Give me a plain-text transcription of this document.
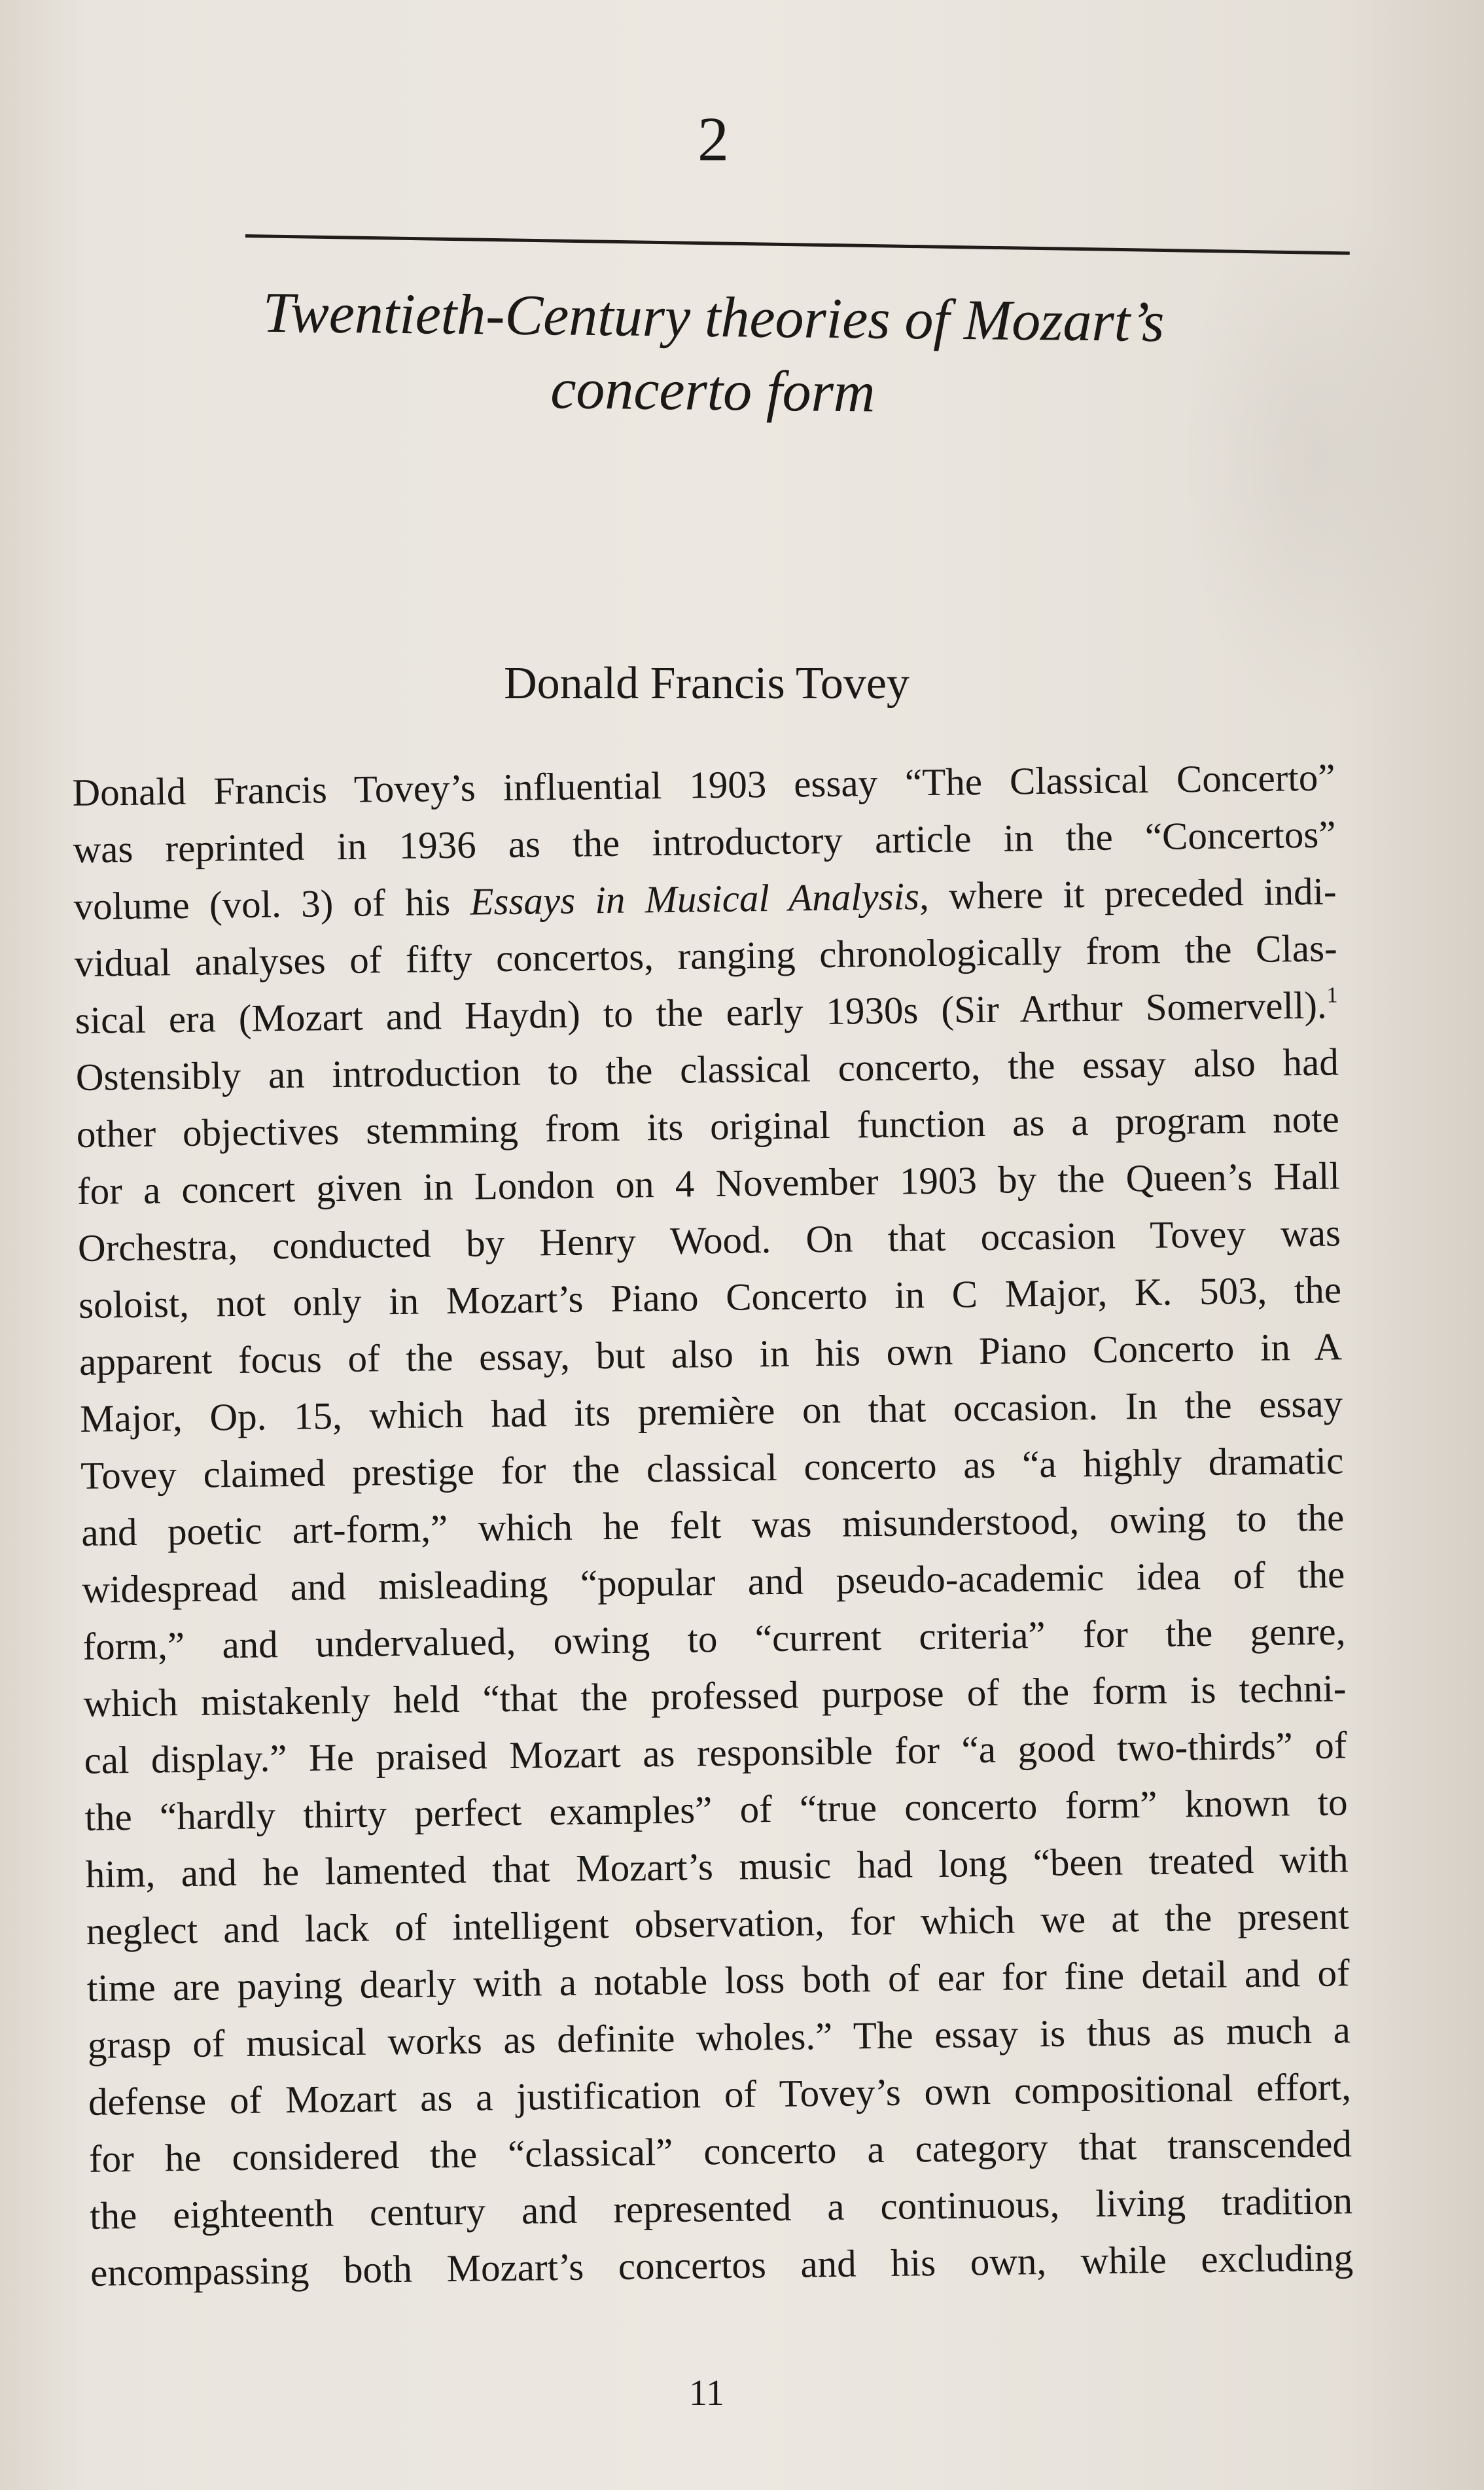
2
Twentieth-Century theories of Mozart’s
concerto form
Donald Francis Tovey
Donald Francis Tovey’s influential 1903 essay “The Classical Concerto”
was reprinted in 1936 as the introductory article in the “Concertos”
volume (vol. 3) of his Essays in Musical Analysis, where it preceded indi-
vidual analyses of fifty concertos, ranging chronologically from the Clas-
sical era (Mozart and Haydn) to the early 1930s (Sir Arthur Somervell).$^1$
Ostensibly an introduction to the classical concerto, the essay also had
other objectives stemming from its original function as a program note
for a concert given in London on 4 November 1903 by the Queen’s Hall
Orchestra, conducted by Henry Wood. On that occasion Tovey was
soloist, not only in Mozart’s Piano Concerto in C Major, K. 503, the
apparent focus of the essay, but also in his own Piano Concerto in A
Major, Op. 15, which had its première on that occasion. In the essay
Tovey claimed prestige for the classical concerto as “a highly dramatic
and poetic art-form,” which he felt was misunderstood, owing to the
widespread and misleading “popular and pseudo-academic idea of the
form,” and undervalued, owing to “current criteria” for the genre,
which mistakenly held “that the professed purpose of the form is techni-
cal display.” He praised Mozart as responsible for “a good two-thirds” of
the “hardly thirty perfect examples” of “true concerto form” known to
him, and he lamented that Mozart’s music had long “been treated with
neglect and lack of intelligent observation, for which we at the present
time are paying dearly with a notable loss both of ear for fine detail and of
grasp of musical works as definite wholes.” The essay is thus as much a
defense of Mozart as a justification of Tovey’s own compositional effort,
for he considered the “classical” concerto a category that transcended
the eighteenth century and represented a continuous, living tradition
encompassing both Mozart’s concertos and his own, while excluding
11
